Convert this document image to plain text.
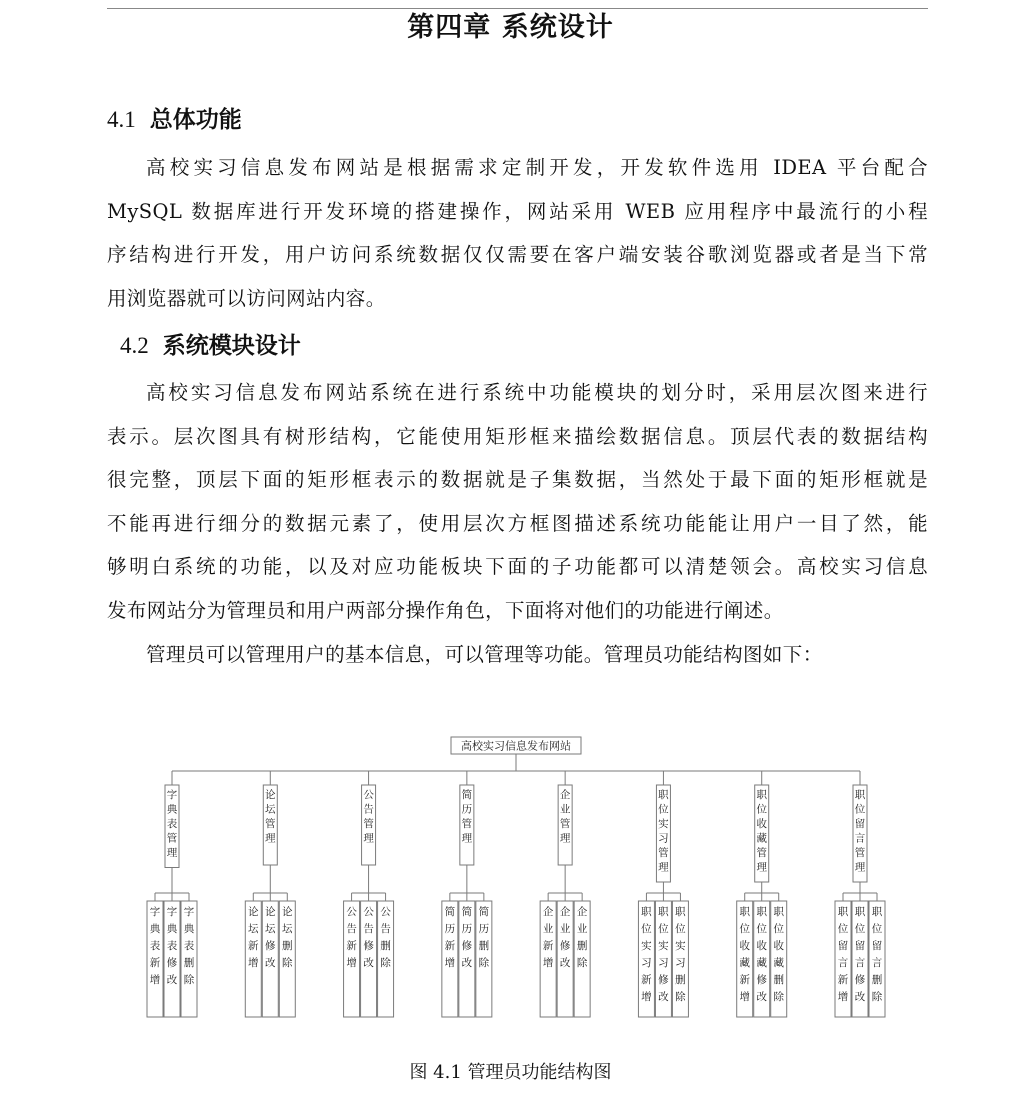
第四章 系统设计
4.1 总体功能
高校实习信息发布网站是根据需求定制开发，开发软件选用 IDEA 平台配合
MySQL 数据库进行开发环境的搭建操作，网站采用 WEB 应用程序中最流行的小程
序结构进行开发，用户访问系统数据仅仅需要在客户端安装谷歌浏览器或者是当下常
用浏览器就可以访问网站内容。
4.2 系统模块设计
高校实习信息发布网站系统在进行系统中功能模块的划分时，采用层次图来进行
表示。层次图具有树形结构，它能使用矩形框来描绘数据信息。顶层代表的数据结构
很完整，顶层下面的矩形框表示的数据就是子集数据，当然处于最下面的矩形框就是
不能再进行细分的数据元素了，使用层次方框图描述系统功能能让用户一目了然，能
够明白系统的功能，以及对应功能板块下面的子功能都可以清楚领会。高校实习信息
发布网站分为管理员和用户两部分操作角色，下面将对他们的功能进行阐述。
管理员可以管理用户的基本信息，可以管理等功能。管理员功能结构图如下：
高校实习信息发布网站
字典表管理
字典表新增
字典表修改
字典表删除
论坛管理
论坛新增
论坛修改
论坛删除
公告管理
公告新增
公告修改
公告删除
简历管理
简历新增
简历修改
简历删除
企业管理
企业新增
企业修改
企业删除
职位实习管理
职位实习新增
职位实习修改
职位实习删除
职位收藏管理
职位收藏新增
职位收藏修改
职位收藏删除
职位留言管理
职位留言新增
职位留言修改
职位留言删除
图 4.1 管理员功能结构图
